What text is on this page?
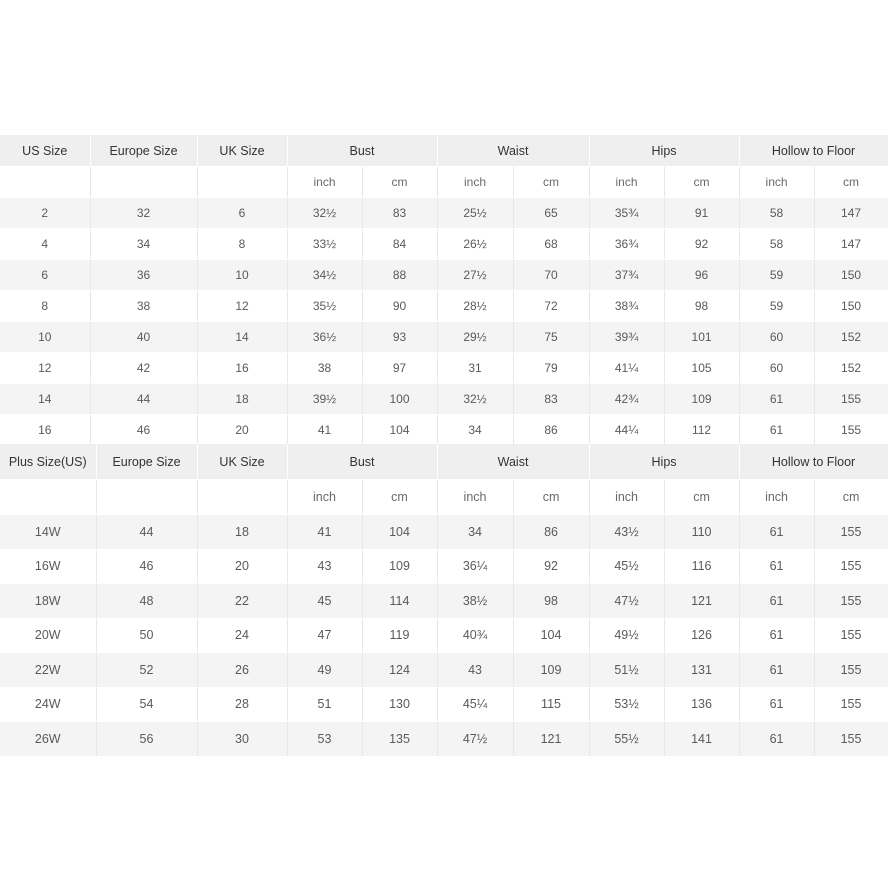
US Size	Europe Size	UK Size	Bust		Waist		Hips		Hollow to Floor	
			inch	cm	inch	cm	inch	cm	inch	cm
2	32	6	32½	83	25½	65	35¾	91	58	147
4	34	8	33½	84	26½	68	36¾	92	58	147
6	36	10	34½	88	27½	70	37¾	96	59	150
8	38	12	35½	90	28½	72	38¾	98	59	150
10	40	14	36½	93	29½	75	39¾	101	60	152
12	42	16	38	97	31	79	41¼	105	60	152
14	44	18	39½	100	32½	83	42¾	109	61	155
16	46	20	41	104	34	86	44¼	112	61	155
Plus Size(US)	Europe Size	UK Size	Bust		Waist		Hips		Hollow to Floor	
			inch	cm	inch	cm	inch	cm	inch	cm
14W	44	18	41	104	34	86	43½	110	61	155
16W	46	20	43	109	36¼	92	45½	116	61	155
18W	48	22	45	114	38½	98	47½	121	61	155
20W	50	24	47	119	40¾	104	49½	126	61	155
22W	52	26	49	124	43	109	51½	131	61	155
24W	54	28	51	130	45¼	115	53½	136	61	155
26W	56	30	53	135	47½	121	55½	141	61	155
